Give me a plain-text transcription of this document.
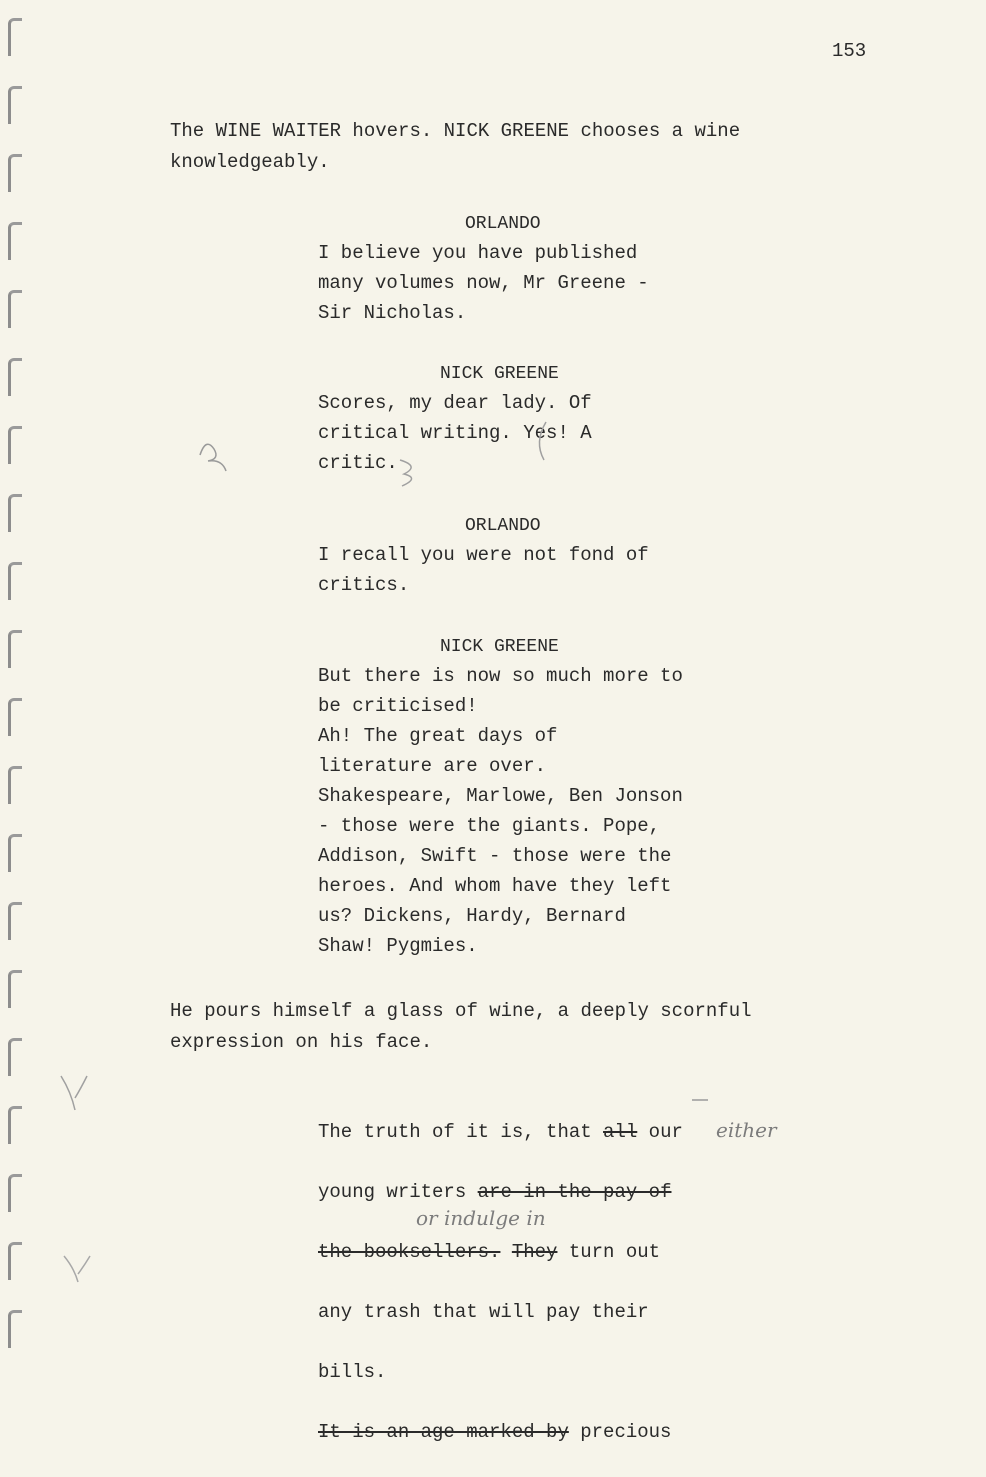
153

The WINE WAITER hovers. NICK GREENE chooses a wine
knowledgeably.

ORLANDO

I believe you have published
many volumes now, Mr Greene -
Sir Nicholas.

NICK GREENE

Scores, my dear lady. Of
critical writing. Yes! A
critic.

ORLANDO

I recall you were not fond of
critics.

NICK GREENE

But there is now so much more to
be criticised!
Ah! The great days of
literature are over.
Shakespeare, Marlowe, Ben Jonson
- those were the giants. Pope,
Addison, Swift - those were the
heroes. And whom have they left
us? Dickens, Hardy, Bernard
Shaw! Pygmies.

He pours himself a glass of wine, a deeply scornful
expression on his face.

The truth of it is, that all our

young writers are in the pay of

the booksellers. They turn out

any trash that will pay their

bills.

It is an age marked by precious

either
or indulge in
